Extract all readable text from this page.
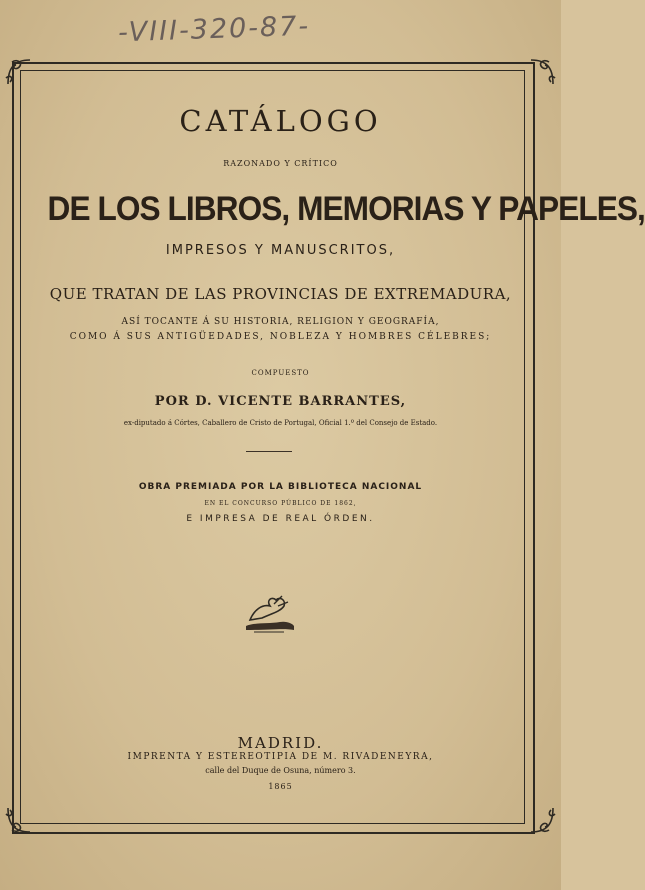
-VIII-320-87-
CATÁLOGO
RAZONADO Y CRÍTICO
DE LOS LIBROS, MEMORIAS Y PAPELES,
IMPRESOS Y MANUSCRITOS,
QUE TRATAN DE LAS PROVINCIAS DE EXTREMADURA,
ASÍ TOCANTE Á SU HISTORIA, RELIGION Y GEOGRAFÍA,
COMO Á SUS ANTIGÜEDADES, NOBLEZA Y HOMBRES CÉLEBRES;
COMPUESTO
POR D. VICENTE BARRANTES,
ex-diputado á Córtes, Caballero de Cristo de Portugal, Oficial 1.º del Consejo de Estado.
OBRA PREMIADA POR LA BIBLIOTECA NACIONAL
EN EL CONCURSO PÚBLICO DE 1862,
E IMPRESA DE REAL ÓRDEN.
MADRID.
IMPRENTA Y ESTEREOTIPIA DE M. RIVADENEYRA,
calle del Duque de Osuna, número 3.
1865
